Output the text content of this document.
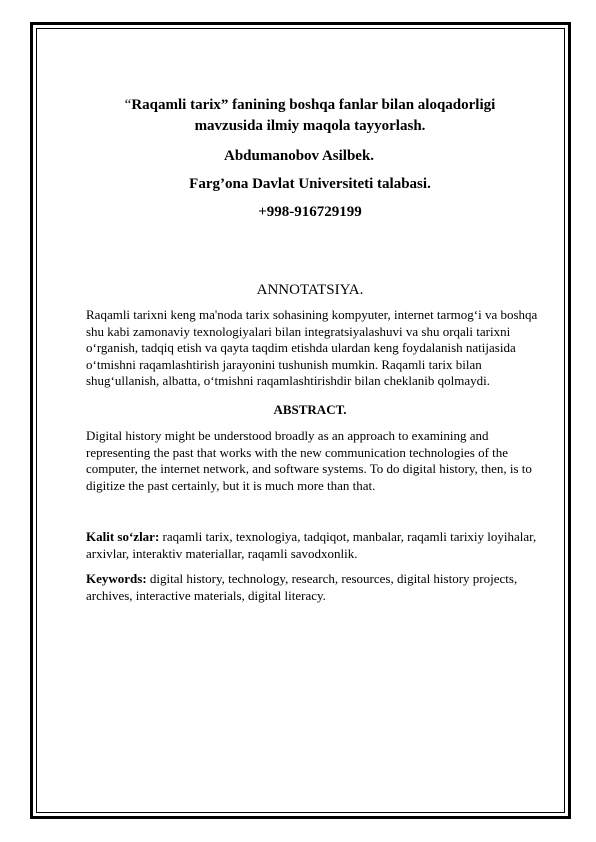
“Raqamli tarix” fanining boshqa fanlar bilan aloqadorligi
mavzusida ilmiy maqola tayyorlash.
Abdumanobov Asilbek.
Farg’ona Davlat Universiteti talabasi.
+998-916729199
ANNOTATSIYA.

Raqamli tarixni keng ma'noda tarix sohasining kompyuter, internet tarmog‘i va boshqa shu kabi zamonaviy texnologiyalari bilan integratsiyalashuvi va shu orqali tarixni o‘rganish, tadqiq etish va qayta taqdim etishda ulardan keng foydalanish natijasida o‘tmishni raqamlashtirish jarayonini tushunish mumkin. Raqamli tarix bilan shug‘ullanish, albatta, o‘tmishni raqamlashtirishdir bilan cheklanib qolmaydi.

ABSTRACT.

Digital history might be understood broadly as an approach to examining and representing the past that works with the new communication technologies of the computer, the internet network, and software systems. To do digital history, then, is to digitize the past certainly, but it is much more than that.

Kalit so‘zlar: raqamli tarix, texnologiya, tadqiqot, manbalar, raqamli tarixiy loyihalar, arxivlar, interaktiv materiallar, raqamli savodxonlik.

Keywords: digital history, technology, research, resources, digital history projects, archives, interactive materials, digital literacy.
